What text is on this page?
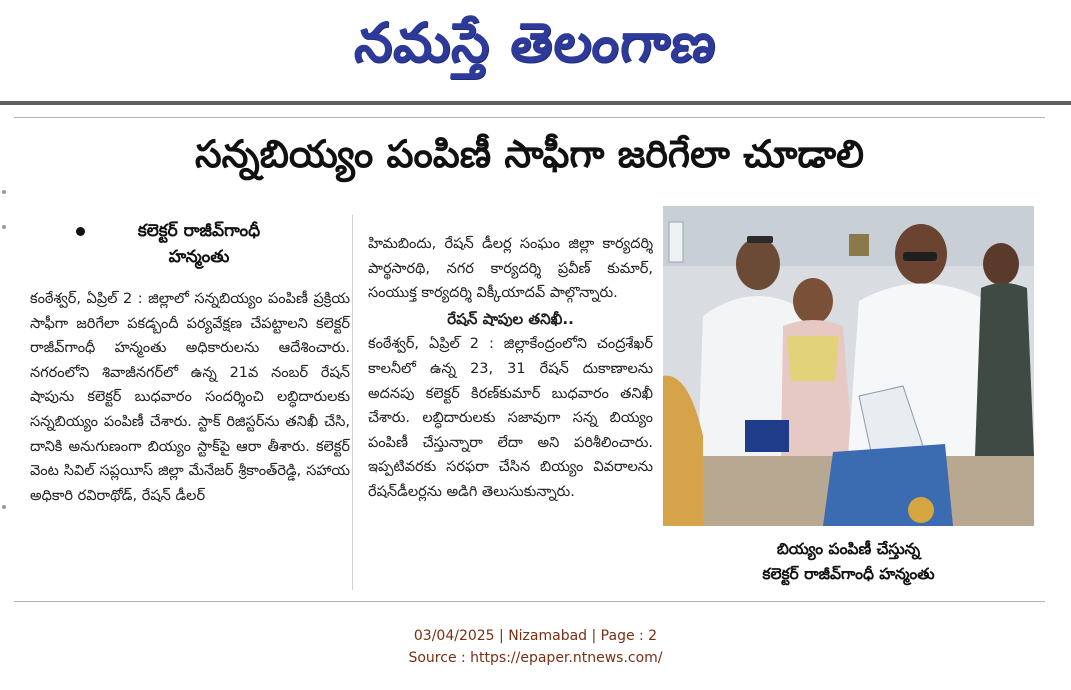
నమస్తే తెలంగాణ
సన్నబియ్యం పంపిణీ సాఫీగా జరిగేలా చూడాలి
కలెక్టర్ రాజీవ్‌గాంధీ
హన్మంతు

కంఠేశ్వర్, ఏప్రిల్ 2 : జిల్లాలో సన్నబియ్యం పంపిణీ ప్రక్రియ సాఫీగా జరిగేలా పకడ్బందీ పర్యవేక్షణ చేపట్టాలని కలెక్టర్ రాజీవ్‌గాంధీ హన్మంతు అధికారులను ఆదేశించారు. నగరంలోని శివాజీనగర్‌లో ఉన్న 21వ నంబర్ రేషన్ షాపును కలెక్టర్ బుధవారం సందర్శించి లబ్ధిదారులకు సన్నబియ్యం పంపిణీ చేశారు. స్టాక్ రిజిస్టర్‌ను తనిఖీ చేసి, దానికి అనుగుణంగా బియ్యం స్టాక్‌పై ఆరా తీశారు. కలెక్టర్ వెంట సివిల్ సప్లయీస్ జిల్లా మేనేజర్ శ్రీకాంత్‌రెడ్డి, సహాయ అధికారి రవిరాథోడ్, రేషన్ డీలర్

హిమబిందు, రేషన్ డీలర్ల సంఘం జిల్లా కార్యదర్శి పార్థసారథి, నగర కార్యదర్శి ప్రవీణ్ కుమార్, సంయుక్త కార్యదర్శి విక్కీయాదవ్ పాల్గొన్నారు.

రేషన్ షాపుల తనిఖీ..

కంఠేశ్వర్, ఏప్రిల్ 2 : జిల్లాకేంద్రంలోని చంద్రశేఖర్ కాలనీలో ఉన్న 23, 31 రేషన్ దుకాణాలను అదనపు కలెక్టర్ కిరణ్‌కుమార్ బుధవారం తనిఖీ చేశారు. లబ్ధిదారులకు సజావుగా సన్న బియ్యం పంపిణీ చేస్తున్నారా లేదా అని పరిశీలించారు. ఇప్పటివరకు సరఫరా చేసిన బియ్యం వివరాలను రేషన్‌డీలర్లను అడిగి తెలుసుకున్నారు.

బియ్యం పంపిణీ చేస్తున్న
కలెక్టర్ రాజీవ్‌గాంధీ హన్మంతు
03/04/2025 | Nizamabad | Page : 2
Source : https://epaper.ntnews.com/
